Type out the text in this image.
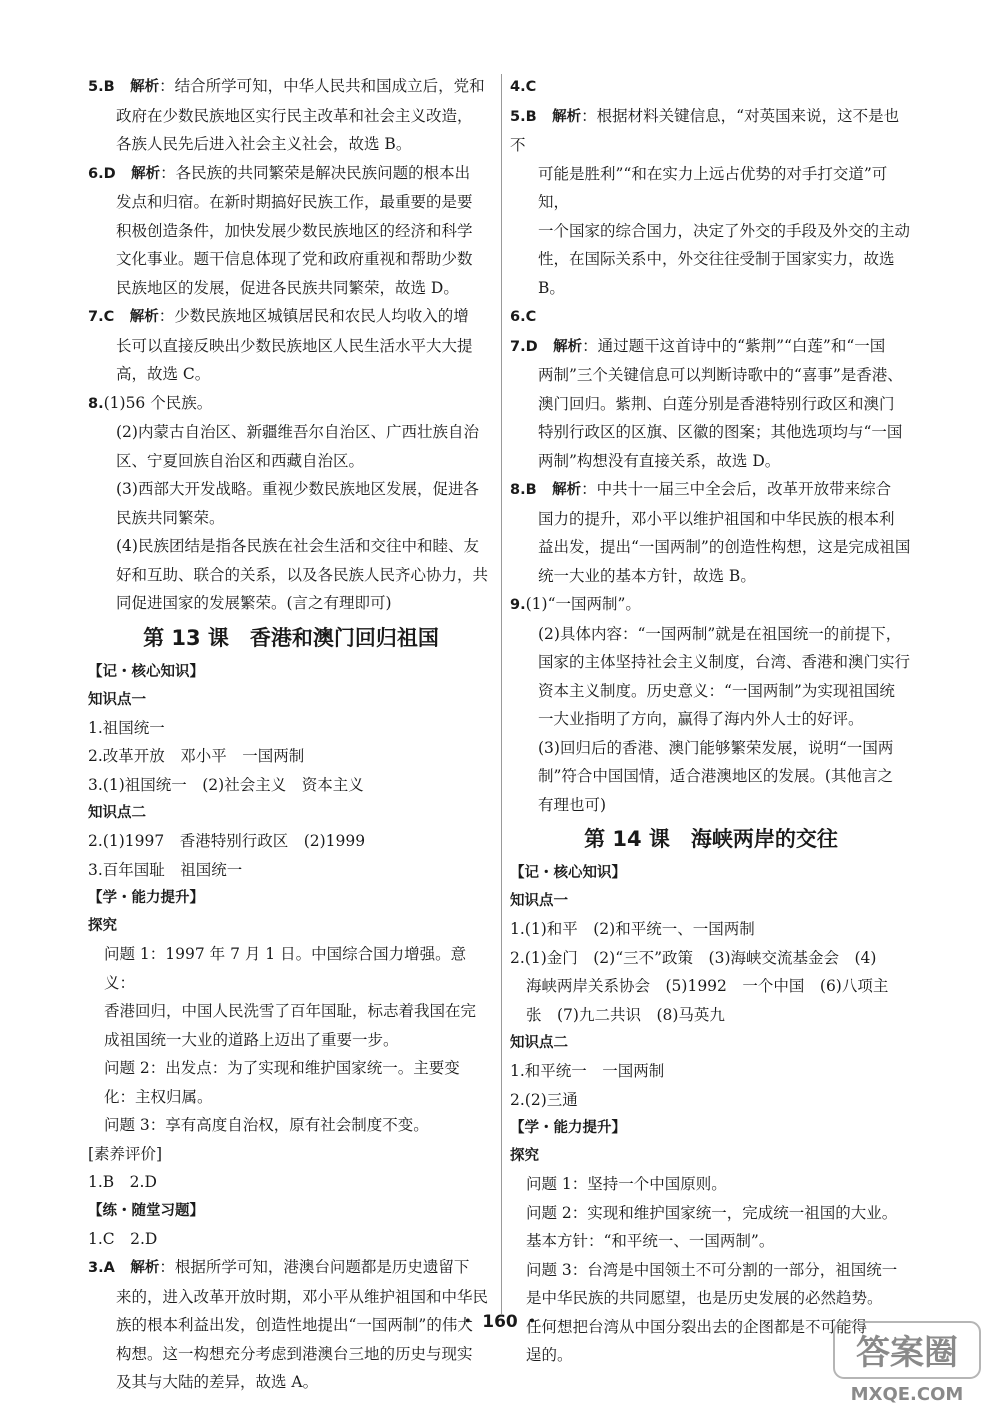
5.B　 解析：结合所学可知，中华人民共和国成立后，党和
政府在少数民族地区实行民主改革和社会主义改造，
各族人民先后进入社会主义社会，故选 B。
6.D　 解析：各民族的共同繁荣是解决民族问题的根本出
发点和归宿。在新时期搞好民族工作，最重要的是要
积极创造条件，加快发展少数民族地区的经济和科学
文化事业。题干信息体现了党和政府重视和帮助少数
民族地区的发展，促进各民族共同繁荣，故选 D。
7.C　 解析：少数民族地区城镇居民和农民人均收入的增
长可以直接反映出少数民族地区人民生活水平大大提
高，故选 C。
8.(1)56 个民族。
(2)内蒙古自治区、新疆维吾尔自治区、广西壮族自治
区、宁夏回族自治区和西藏自治区。
(3)西部大开发战略。重视少数民族地区发展，促进各
民族共同繁荣。
(4)民族团结是指各民族在社会生活和交往中和睦、友
好和互助、联合的关系，以及各民族人民齐心协力，共
同促进国家的发展繁荣。(言之有理即可)
第 13 课　香港和澳门回归祖国
【记・核心知识】
知识点一
1.祖国统一
2.改革开放　邓小平　一国两制
3.(1)祖国统一　(2)社会主义　资本主义
知识点二
2.(1)1997　香港特别行政区　(2)1999
3.百年国耻　祖国统一
【学・能力提升】
探究
问题 1：1997 年 7 月 1 日。中国综合国力增强。意义：
香港回归，中国人民洗雪了百年国耻，标志着我国在完
成祖国统一大业的道路上迈出了重要一步。
问题 2：出发点：为了实现和维护国家统一。主要变
化：主权归属。
问题 3：享有高度自治权，原有社会制度不变。
[素养评价]
1.B　2.D
【练・随堂习题】
1.C　2.D
3.A　 解析：根据所学可知，港澳台问题都是历史遗留下
来的，进入改革开放时期，邓小平从维护祖国和中华民
族的根本利益出发，创造性地提出“一国两制”的伟大
构想。这一构想充分考虑到港澳台三地的历史与现实
及其与大陆的差异，故选 A。
4.C
5.B　 解析：根据材料关键信息，“对英国来说，这不是也不
可能是胜利”“和在实力上远占优势的对手打交道”可知，
一个国家的综合国力，决定了外交的手段及外交的主动
性，在国际关系中，外交往往受制于国家实力，故选 B。
6.C
7.D　 解析：通过题干这首诗中的“紫荆”“白莲”和“一国
两制”三个关键信息可以判断诗歌中的“喜事”是香港、
澳门回归。紫荆、白莲分别是香港特别行政区和澳门
特别行政区的区旗、区徽的图案；其他选项均与“一国
两制”构想没有直接关系，故选 D。
8.B　 解析：中共十一届三中全会后，改革开放带来综合
国力的提升，邓小平以维护祖国和中华民族的根本利
益出发，提出“一国两制”的创造性构想，这是完成祖国
统一大业的基本方针，故选 B。
9.(1)“一国两制”。
(2)具体内容：“一国两制”就是在祖国统一的前提下，
国家的主体坚持社会主义制度，台湾、香港和澳门实行
资本主义制度。历史意义：“一国两制”为实现祖国统
一大业指明了方向，赢得了海内外人士的好评。
(3)回归后的香港、澳门能够繁荣发展，说明“一国两
制”符合中国国情，适合港澳地区的发展。(其他言之
有理也可)
第 14 课　海峡两岸的交往
【记・核心知识】
知识点一
1.(1)和平　(2)和平统一、一国两制
2.(1)金门　(2)“三不”政策　(3)海峡交流基金会　(4)
海峡两岸关系协会　(5)1992　一个中国　(6)八项主
张　(7)九二共识　(8)马英九
知识点二
1.和平统一　一国两制
2.(2)三通
【学・能力提升】
探究
问题 1：坚持一个中国原则。
问题 2：实现和维护国家统一，完成统一祖国的大业。
基本方针：“和平统一、一国两制”。
问题 3：台湾是中国领土不可分割的一部分，祖国统一
是中华民族的共同愿望，也是历史发展的必然趋势。
任何想把台湾从中国分裂出去的企图都是不可能得
逞的。
・ 160 ・
答案圈
MXQE.COM
